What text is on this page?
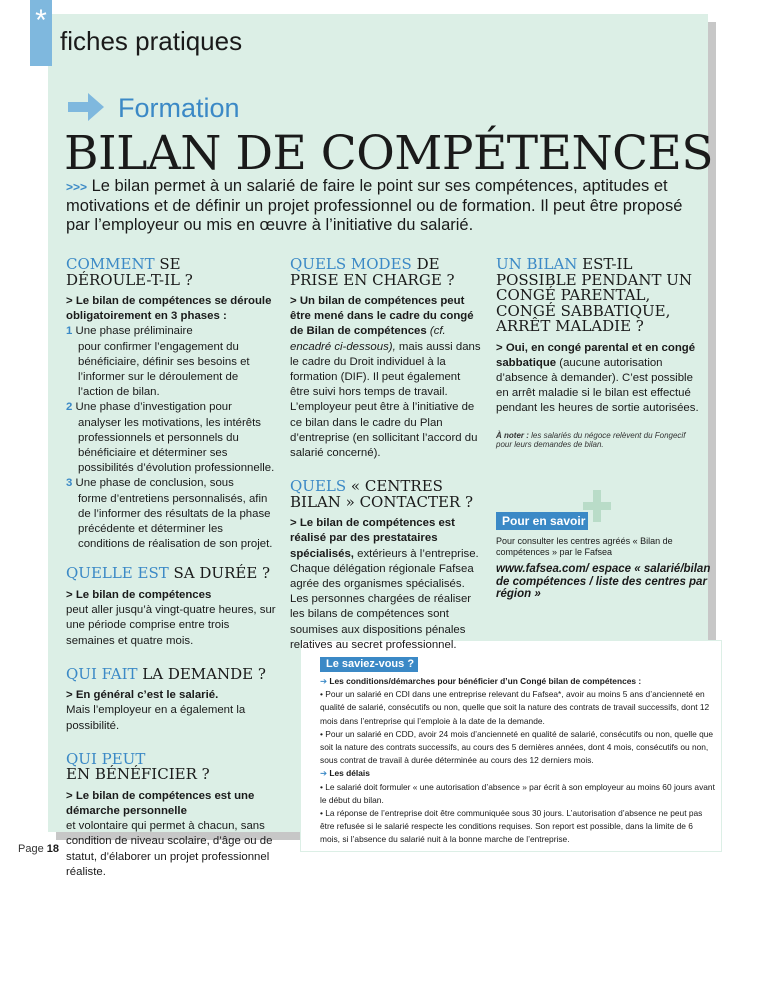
*
fiches pratiques
Formation
BILAN DE COMPÉTENCES
>>> Le bilan permet à un salarié de faire le point sur ses compétences, aptitudes et motivations et de définir un projet professionnel ou de formation. Il peut être proposé par l’employeur ou mis en œuvre à l’initiative du salarié.
COMMENT SE
DÉROULE-T-IL ?
> Le bilan de compétences se déroule obligatoirement en 3 phases :
1 Une phase préliminaire
pour confirmer l’engagement du bénéficiaire, définir ses besoins et l’informer sur le déroulement de l’action de bilan.
2 Une phase d’investigation pour
analyser les motivations, les intérêts professionnels et personnels du bénéficiaire et déterminer ses possibilités d’évolution professionnelle.
3 Une phase de conclusion, sous
forme d’entretiens personnalisés, afin de l’informer des résultats de la phase précédente et déterminer les conditions de réalisation de son projet.
QUELLE EST SA DURÉE ?
> Le bilan de compétences
peut aller jusqu’à vingt-quatre heures, sur une période comprise entre trois semaines et quatre mois.
QUI FAIT LA DEMANDE ?
> En général c’est le salarié.
Mais l’employeur en a également la possibilité.
QUI PEUT
EN BÉNÉFICIER ?
> Le bilan de compétences est une démarche personnelle
et volontaire qui permet à chacun, sans condition de niveau scolaire, d’âge ou de statut, d’élaborer un projet professionnel réaliste.
QUELS MODES DE
PRISE EN CHARGE ?
> Un bilan de compétences peut être mené dans le cadre du congé de Bilan de compétences (cf. encadré ci-dessous), mais aussi dans le cadre du Droit individuel à la formation (DIF). Il peut également être suivi hors temps de travail. L’employeur peut être à l’initiative de ce bilan dans le cadre du Plan d’entreprise (en sollicitant l’accord du salarié concerné).
QUELS « CENTRES
BILAN » CONTACTER ?
> Le bilan de compétences est réalisé par des prestataires spécialisés, extérieurs à l’entreprise. Chaque délégation régionale Fafsea agrée des organismes spécialisés. Les personnes chargées de réaliser les bilans de compétences sont soumises aux dispositions pénales relatives au secret professionnel.
UN BILAN EST-IL
POSSIBLE PENDANT UN CONGÉ PARENTAL, CONGÉ SABBATIQUE, ARRÊT MALADIE ?
> Oui, en congé parental et en congé sabbatique (aucune autorisation d’absence à demander). C’est possible en arrêt maladie si le bilan est effectué pendant les heures de sortie autorisées.
À noter : les salariés du négoce relèvent du Fongecif pour leurs demandes de bilan.
Pour en savoir
Pour consulter les centres agréés « Bilan de compétences » par le Fafsea
www.fafsea.com/ espace « salarié/bilan de compétences / liste des centres par région »
Le saviez-vous ?
➔ Les conditions/démarches pour bénéficier d’un Congé bilan de compétences :
• Pour un salarié en CDI dans une entreprise relevant du Fafsea*, avoir au moins 5 ans d’ancienneté en qualité de salarié, consécutifs ou non, quelle que soit la nature des contrats de travail successifs, dont 12 mois dans l’entreprise qui l’emploie à la date de la demande.
• Pour un salarié en CDD, avoir 24 mois d’ancienneté en qualité de salarié, consécutifs ou non, quelle que soit la nature des contrats successifs, au cours des 5 dernières années, dont 4 mois, consécutifs ou non, sous contrat de travail à durée déterminée au cours des 12 derniers mois.
➔ Les délais
• Le salarié doit formuler « une autorisation d’absence » par écrit à son employeur au moins 60 jours avant le début du bilan.
• La réponse de l’entreprise doit être communiquée sous 30 jours. L’autorisation d’absence ne peut pas être refusée si le salarié respecte les conditions requises. Son report est possible, dans la limite de 6 mois, si l’absence du salarié nuit à la bonne marche de l’entreprise.
Page 18
